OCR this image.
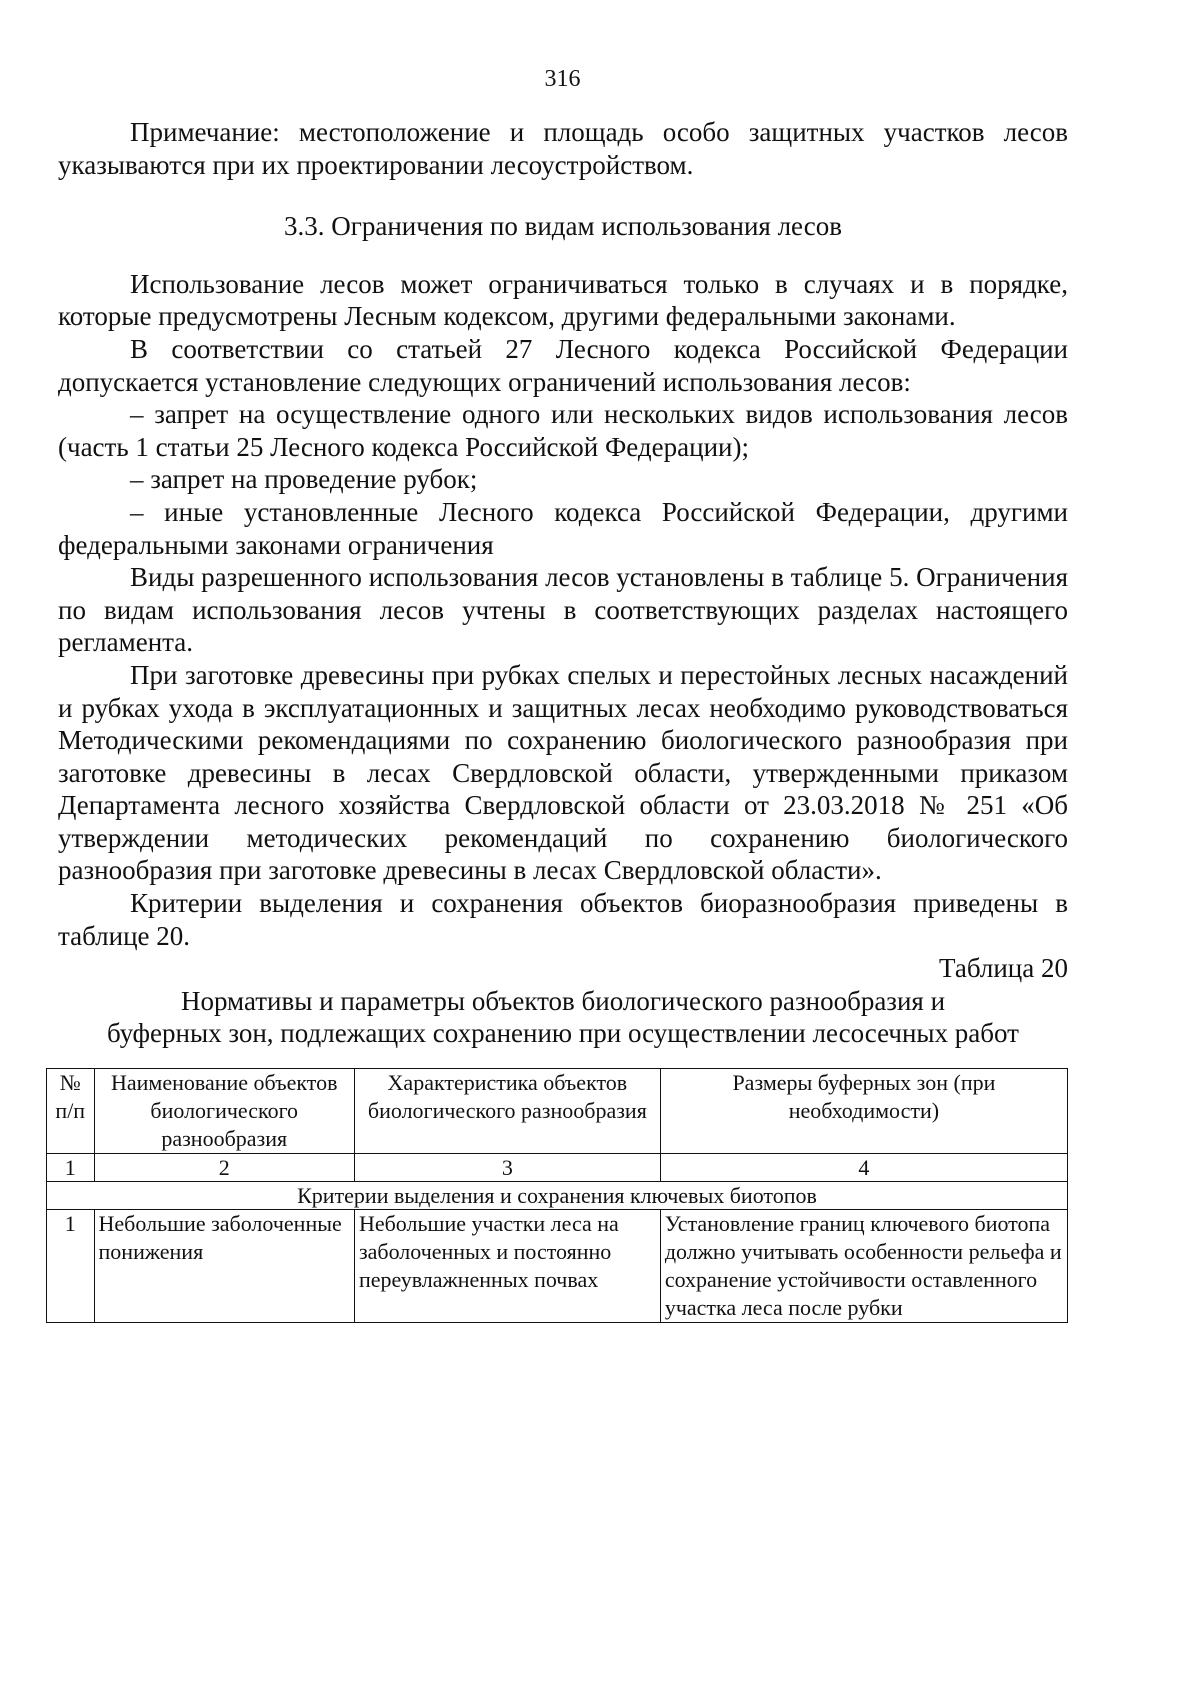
316

Примечание: местоположение и площадь особо защитных участков лесов указываются при их проектировании лесоустройством.

3.3. Ограничения по видам использования лесов

Использование лесов может ограничиваться только в случаях и в порядке, которые предусмотрены Лесным кодексом, другими федеральными законами.

В соответствии со статьей 27 Лесного кодекса Российской Федерации допускается установление следующих ограничений использования лесов:

– запрет на осуществление одного или нескольких видов использования лесов (часть 1 статьи 25 Лесного кодекса Российской Федерации);

– запрет на проведение рубок;

– иные установленные Лесного кодекса Российской Федерации, другими федеральными законами ограничения

Виды разрешенного использования лесов установлены в таблице 5. Ограничения по видам использования лесов учтены в соответствующих разделах настоящего регламента.

При заготовке древесины при рубках спелых и перестойных лесных насаждений и рубках ухода в эксплуатационных и защитных лесах необходимо руководствоваться Методическими рекомендациями по сохранению биологического разнообразия при заготовке древесины в лесах Свердловской области, утвержденными приказом Департамента лесного хозяйства Свердловской области от 23.03.2018 № 251 «Об утверждении методических рекомендаций по сохранению биологического разнообразия при заготовке древесины в лесах Свердловской области».

Критерии выделения и сохранения объектов биоразнообразия приведены в таблице 20.

Таблица 20

Нормативы и параметры объектов биологического разнообразия и
буферных зон, подлежащих сохранению при осуществлении лесосечных работ

№ п/п	Наименование объектов биологического разнообразия	Характеристика объектов биологического разнообразия	Размеры буферных зон (при необходимости)
1	2	3	4
Критерии выделения и сохранения ключевых биотопов			
1	Небольшие заболоченные понижения	Небольшие участки леса на заболоченных и постоянно переувлажненных почвах	Установление границ ключевого биотопа должно учитывать особенности рельефа и сохранение устойчивости оставленного участка леса после рубки
